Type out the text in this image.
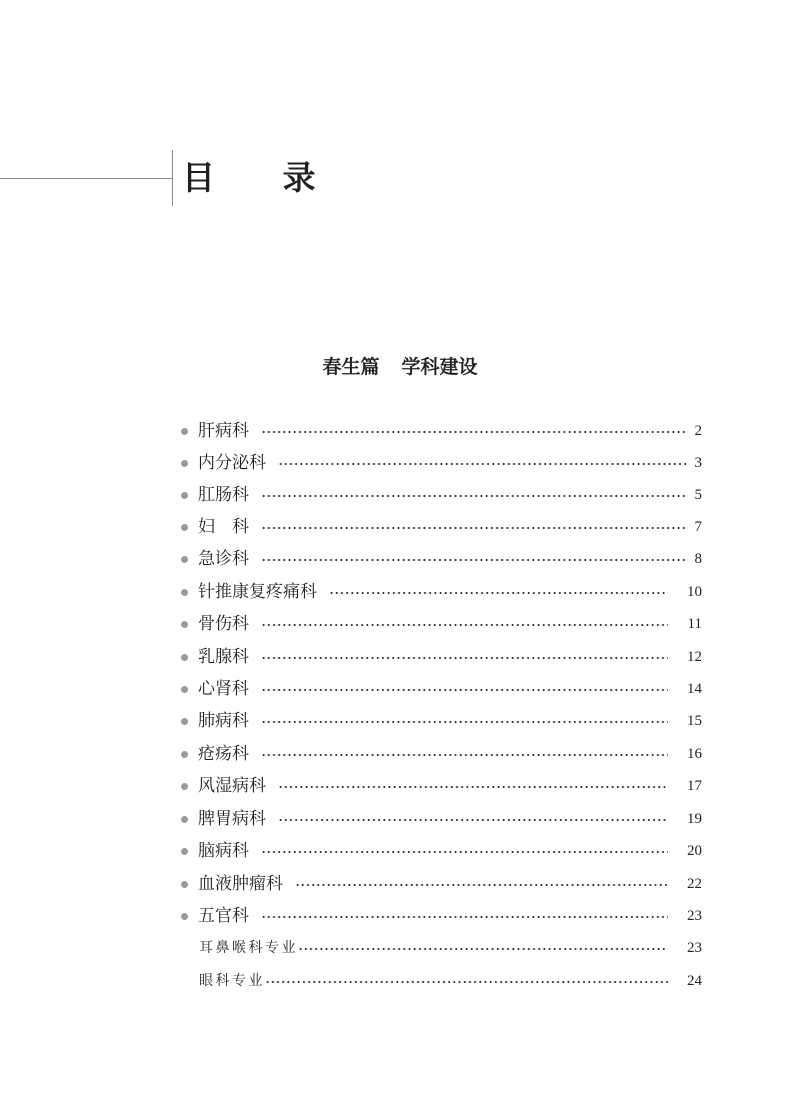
目 录
春生篇 学科建设
肝病科	2
内分泌科	3
肛肠科	5
妇　科	7
急诊科	8
针推康复疼痛科	10
骨伤科	11
乳腺科	12
心肾科	14
肺病科	15
疮疡科	16
风湿病科	17
脾胃病科	19
脑病科	20
血液肿瘤科	22
五官科	23
耳鼻喉科专业	23
眼科专业	24
